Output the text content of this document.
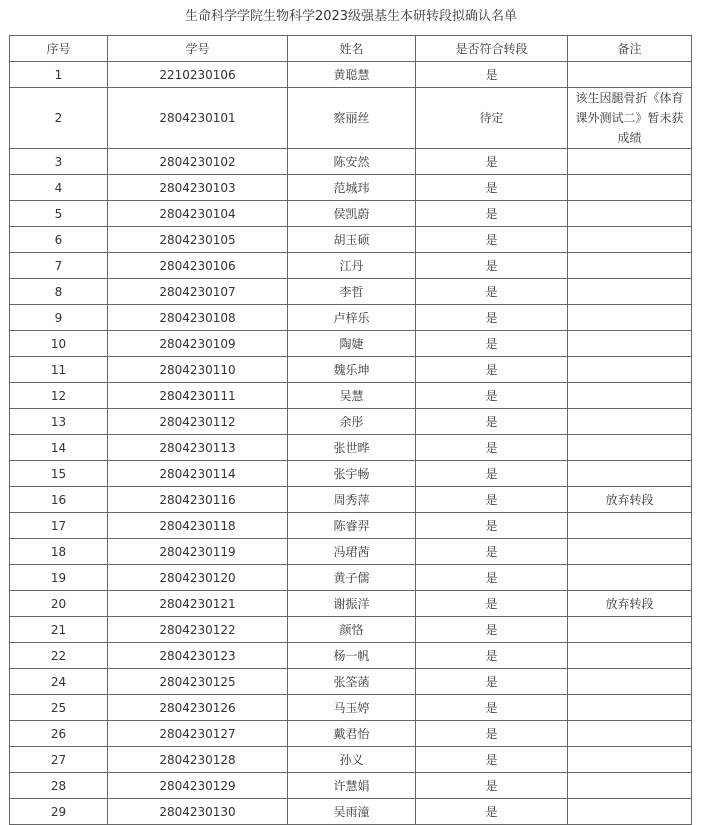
生命科学学院生物科学2023级强基生本研转段拟确认名单
序号	学号	姓名	是否符合转段	备注
1	2210230106	黄聪慧	是	
2	2804230101	察丽丝	待定	该生因腿骨折《体育课外测试二》暂未获成绩
3	2804230102	陈安然	是	
4	2804230103	范城玮	是	
5	2804230104	侯凯蔚	是	
6	2804230105	胡玉硕	是	
7	2804230106	江丹	是	
8	2804230107	李哲	是	
9	2804230108	卢梓乐	是	
10	2804230109	陶婕	是	
11	2804230110	魏乐坤	是	
12	2804230111	吴慧	是	
13	2804230112	余彤	是	
14	2804230113	张世晔	是	
15	2804230114	张宇畅	是	
16	2804230116	周秀萍	是	放弃转段
17	2804230118	陈睿羿	是	
18	2804230119	冯珺茜	是	
19	2804230120	黄子儒	是	
20	2804230121	谢振洋	是	放弃转段
21	2804230122	颜恪	是	
22	2804230123	杨一帆	是	
24	2804230125	张筌菡	是	
25	2804230126	马玉婷	是	
26	2804230127	戴君怡	是	
27	2804230128	孙义	是	
28	2804230129	许慧娟	是	
29	2804230130	吴雨潼	是	
